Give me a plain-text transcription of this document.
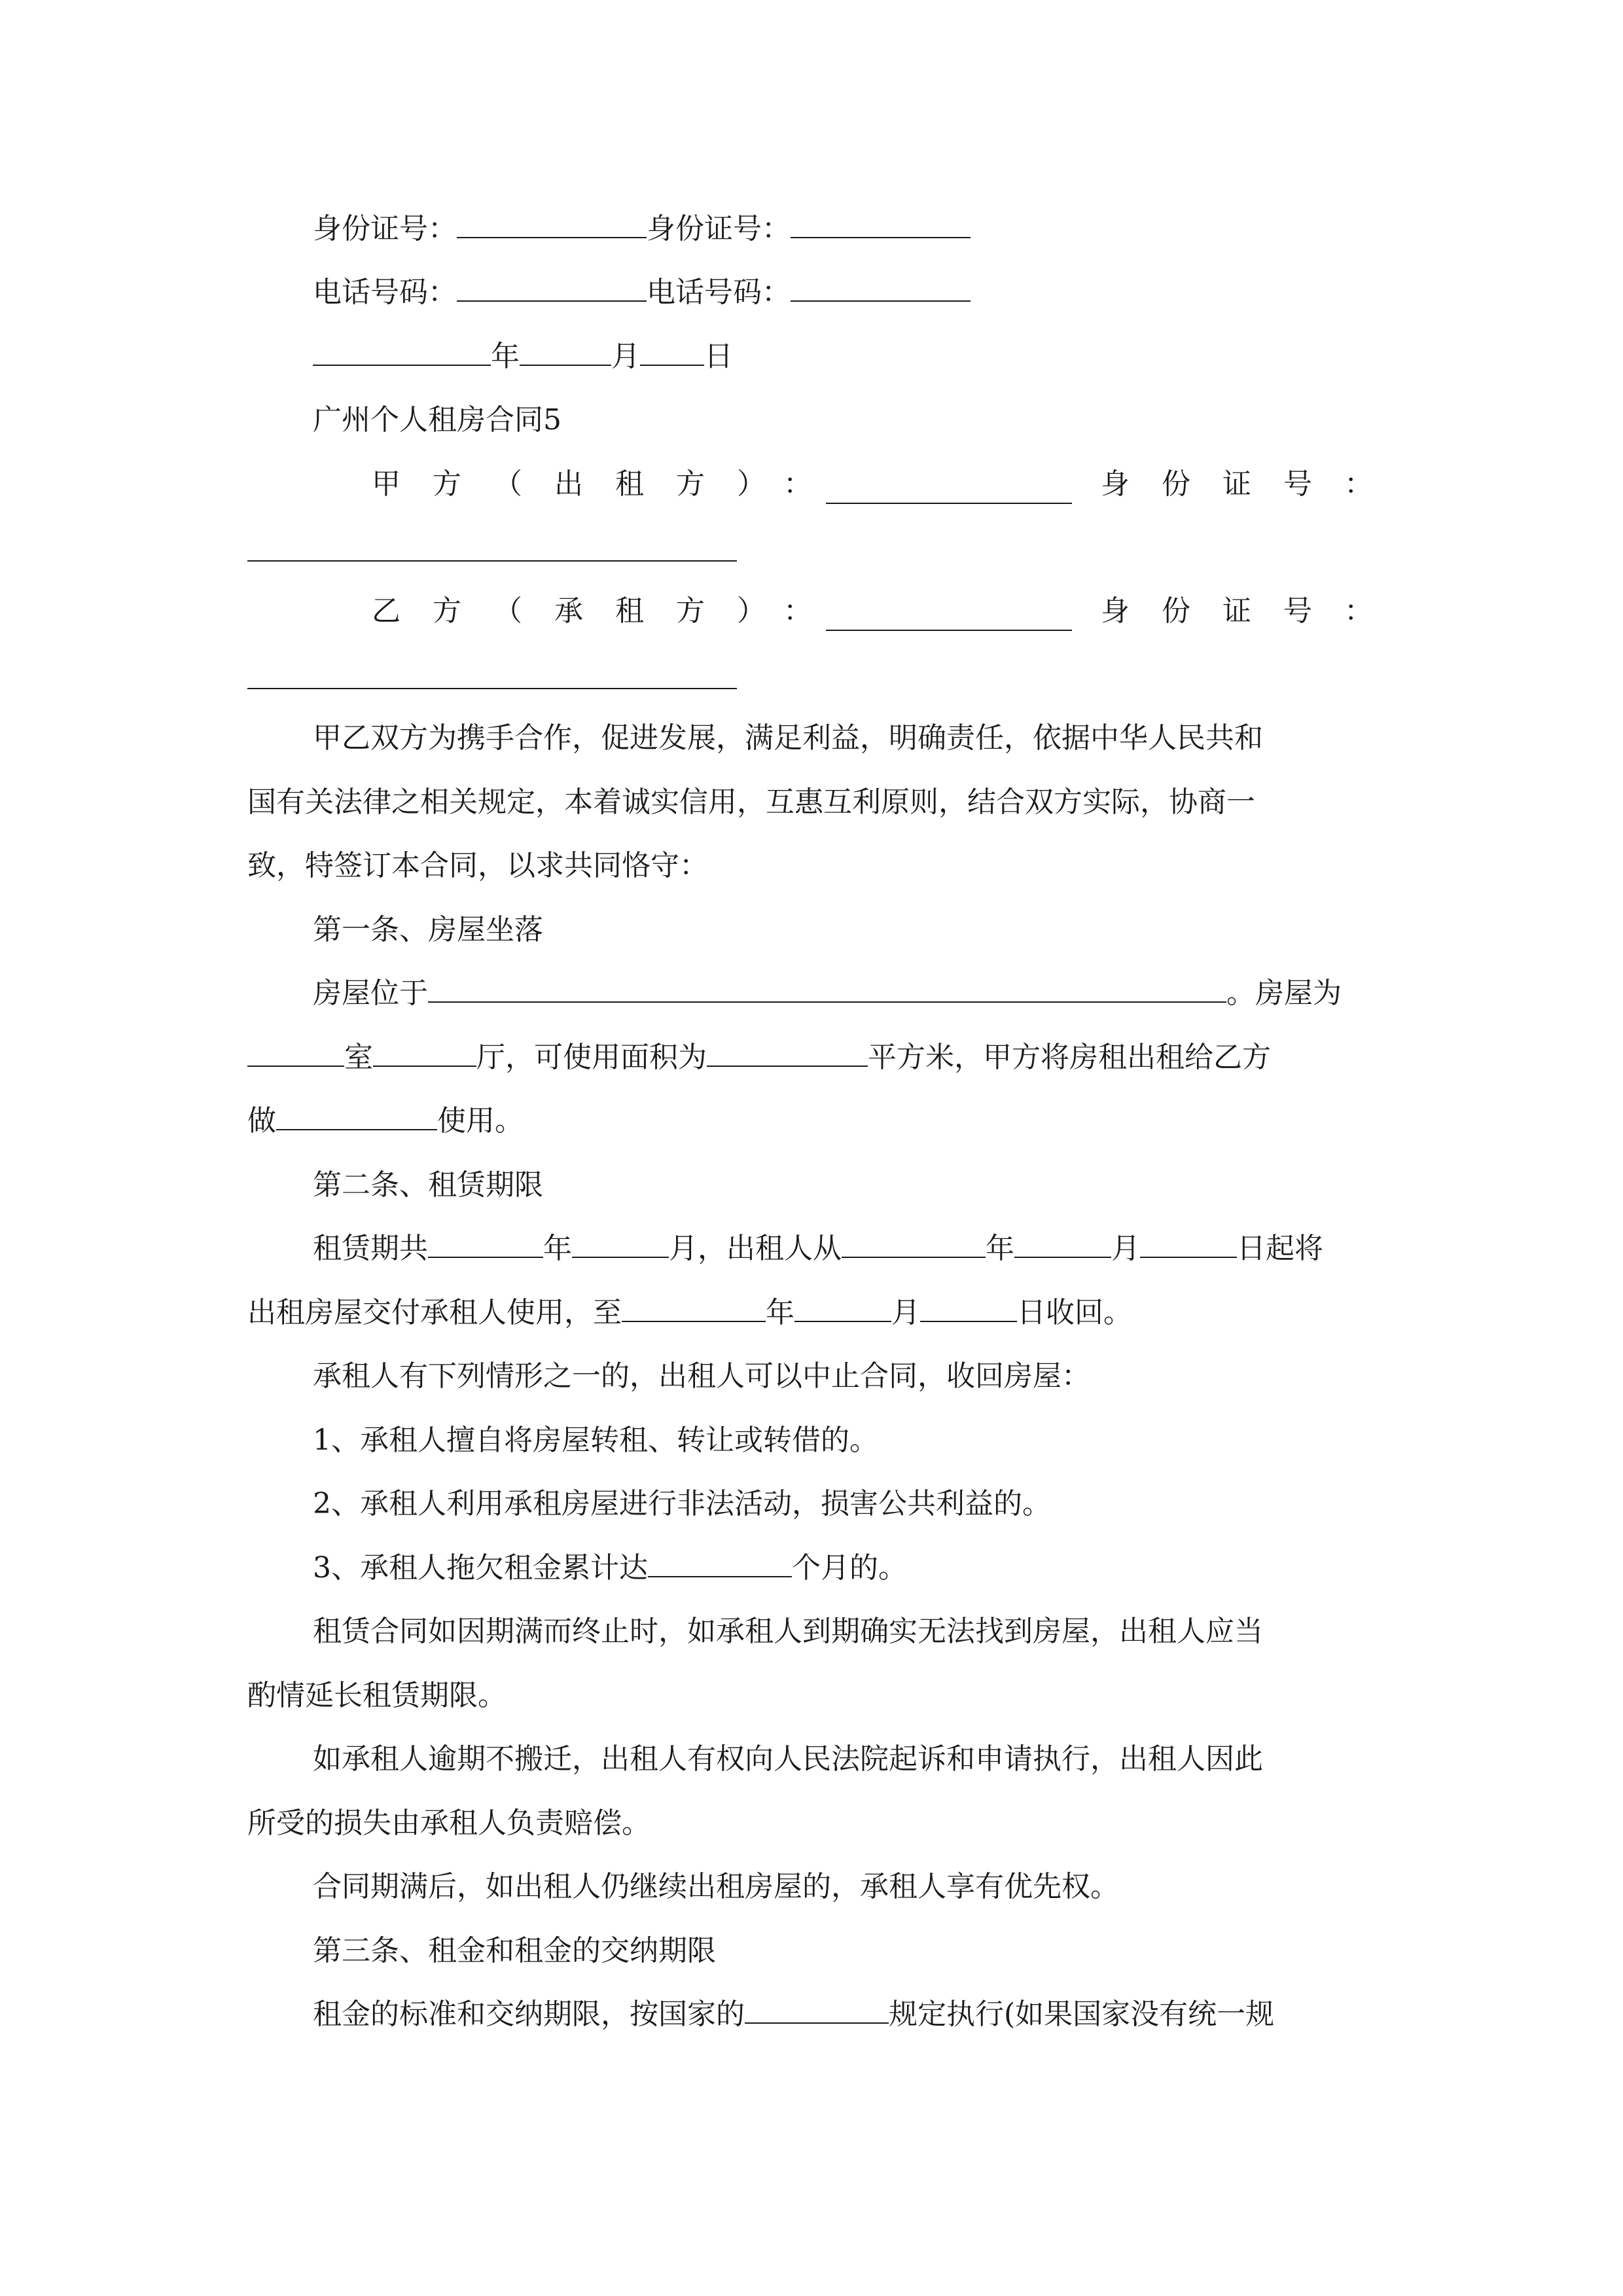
身份证号：	身份证号：
电话号码：	电话号码：
年	月 日
广州个人租房合同5
甲方（出租方）：	身份证号：
乙方（承租方）：	身份证号：
甲乙双方为携手合作，促进发展，满足利益，明确责任，依据中华人民共和
国有关法律之相关规定，本着诚实信用，互惠互利原则，结合双方实际，协商一
致，特签订本合同，以求共同恪守：
第一条、房屋坐落
房屋位于	。房屋为
室	厅，可使用面积为	平方米，甲方将房租出租给乙方
做	使用。
第二条、租赁期限
租赁期共	年	月，出租人从	年	月	日起将
出租房屋交付承租人使用，至	年	月	日收回。
承租人有下列情形之一的，出租人可以中止合同，收回房屋：
1、承租人擅自将房屋转租、转让或转借的。
2、承租人利用承租房屋进行非法活动，损害公共利益的。
3、承租人拖欠租金累计达	个月的。
租赁合同如因期满而终止时，如承租人到期确实无法找到房屋，出租人应当
酌情延长租赁期限。
如承租人逾期不搬迁，出租人有权向人民法院起诉和申请执行，出租人因此
所受的损失由承租人负责赔偿。
合同期满后，如出租人仍继续出租房屋的，承租人享有优先权。
第三条、租金和租金的交纳期限
租金的标准和交纳期限，按国家的	规定执行(如果国家没有统一规
